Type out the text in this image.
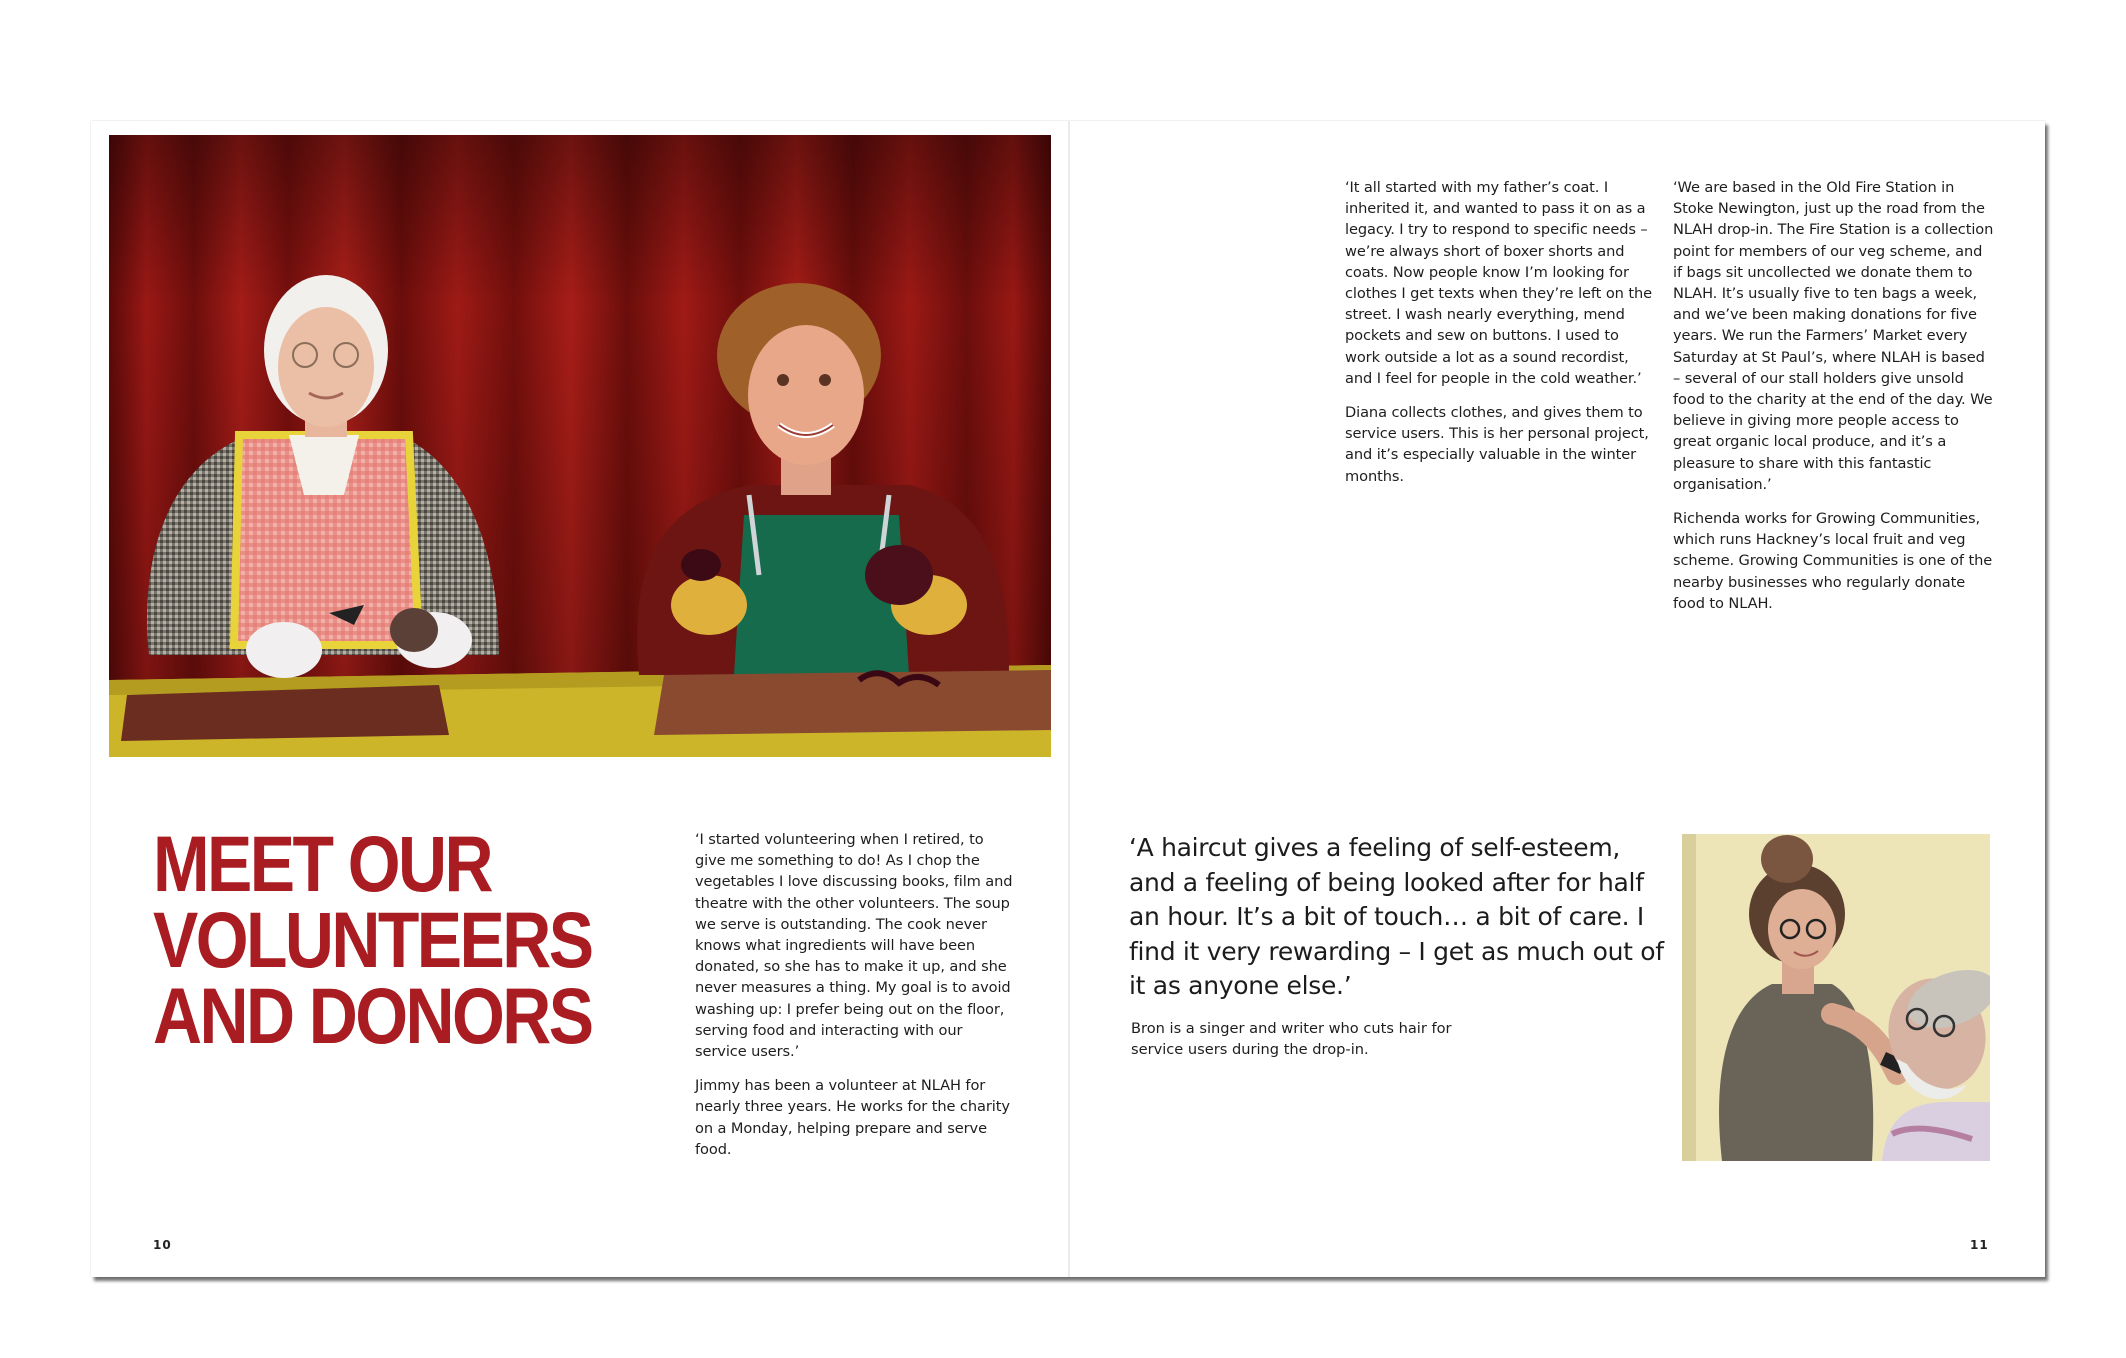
MEET OUR
VOLUNTEERS
AND DONORS

‘I started volunteering when I retired, to give me something to do! As I chop the vegetables I love discussing books, film and theatre with the other volunteers. The soup we serve is outstanding. The cook never knows what ingredients will have been donated, so she has to make it up, and she never measures a thing. My goal is to avoid washing up: I prefer being out on the floor, serving food and interacting with our service users.’

Jimmy has been a volunteer at NLAH for nearly three years. He works for the charity on a Monday, helping prepare and serve food.

10

‘It all started with my father’s coat. I inherited it, and wanted to pass it on as a legacy. I try to respond to specific needs – we’re always short of boxer shorts and coats. Now people know I’m looking for clothes I get texts when they’re left on the street. I wash nearly everything, mend pockets and sew on buttons. I used to work outside a lot as a sound recordist, and I feel for people in the cold weather.’

Diana collects clothes, and gives them to service users. This is her personal project, and it’s especially valuable in the winter months.

‘We are based in the Old Fire Station in Stoke Newington, just up the road from the NLAH drop-in. The Fire Station is a collection point for members of our veg scheme, and if bags sit uncollected we donate them to NLAH. It’s usually five to ten bags a week, and we’ve been making donations for five years. We run the Farmers’ Market every Saturday at St Paul’s, where NLAH is based – several of our stall holders give unsold food to the charity at the end of the day. We believe in giving more people access to great organic local produce, and it’s a pleasure to share with this fantastic organisation.’

Richenda works for Growing Communities, which runs Hackney’s local fruit and veg scheme. Growing Communities is one of the nearby businesses who regularly donate food to NLAH.

‘A haircut gives a feeling of self-esteem, and a feeling of being looked after for half an hour. It’s a bit of touch… a bit of care. I find it very rewarding – I get as much out of it as anyone else.’

Bron is a singer and writer who cuts hair for service users during the drop-in.

11
